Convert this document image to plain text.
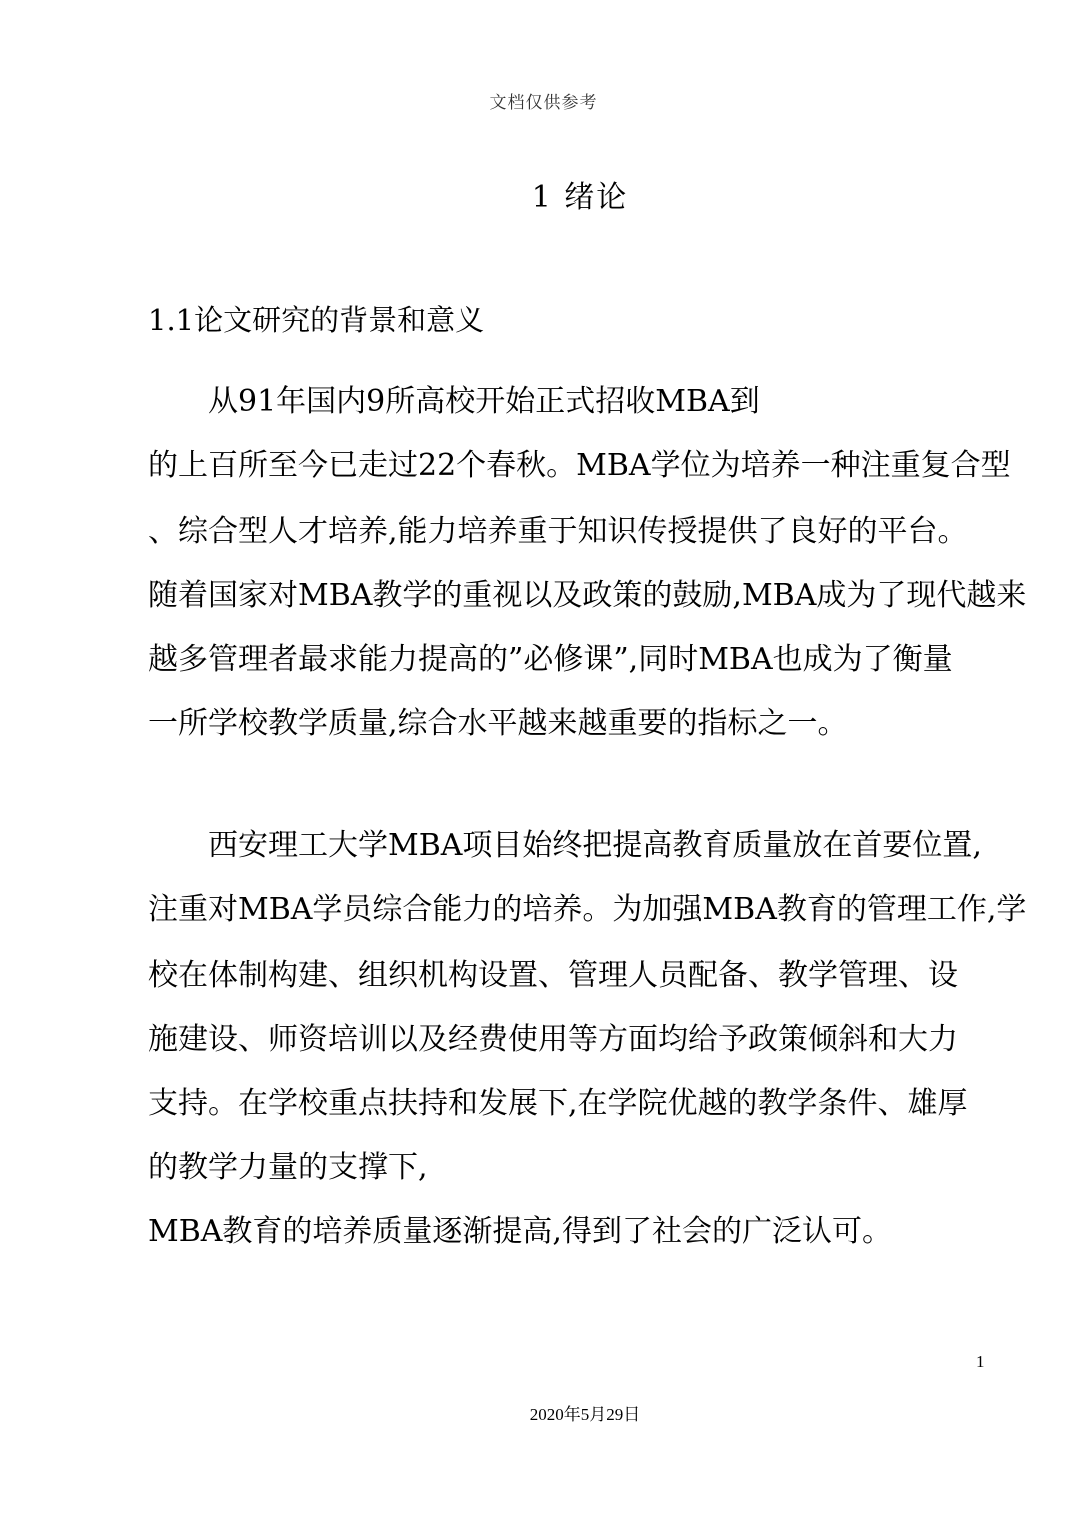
文档仅供参考
1 绪论
1.1论文研究的背景和意义
从91年国内9所高校开始正式招收MBA到
的上百所至今已走过22个春秋。MBA学位为培养一种注重复合型
、综合型人才培养,能力培养重于知识传授提供了良好的平台。
随着国家对MBA教学的重视以及政策的鼓励,MBA成为了现代越来
越多管理者最求能力提高的”必修课”,同时MBA也成为了衡量
一所学校教学质量,综合水平越来越重要的指标之一。
西安理工大学MBA项目始终把提高教育质量放在首要位置,
注重对MBA学员综合能力的培养。为加强MBA教育的管理工作,学
校在体制构建、组织机构设置、管理人员配备、教学管理、设
施建设、师资培训以及经费使用等方面均给予政策倾斜和大力
支持。在学校重点扶持和发展下,在学院优越的教学条件、雄厚
的教学力量的支撑下,
MBA教育的培养质量逐渐提高,得到了社会的广泛认可。
1
2020年5月29日
